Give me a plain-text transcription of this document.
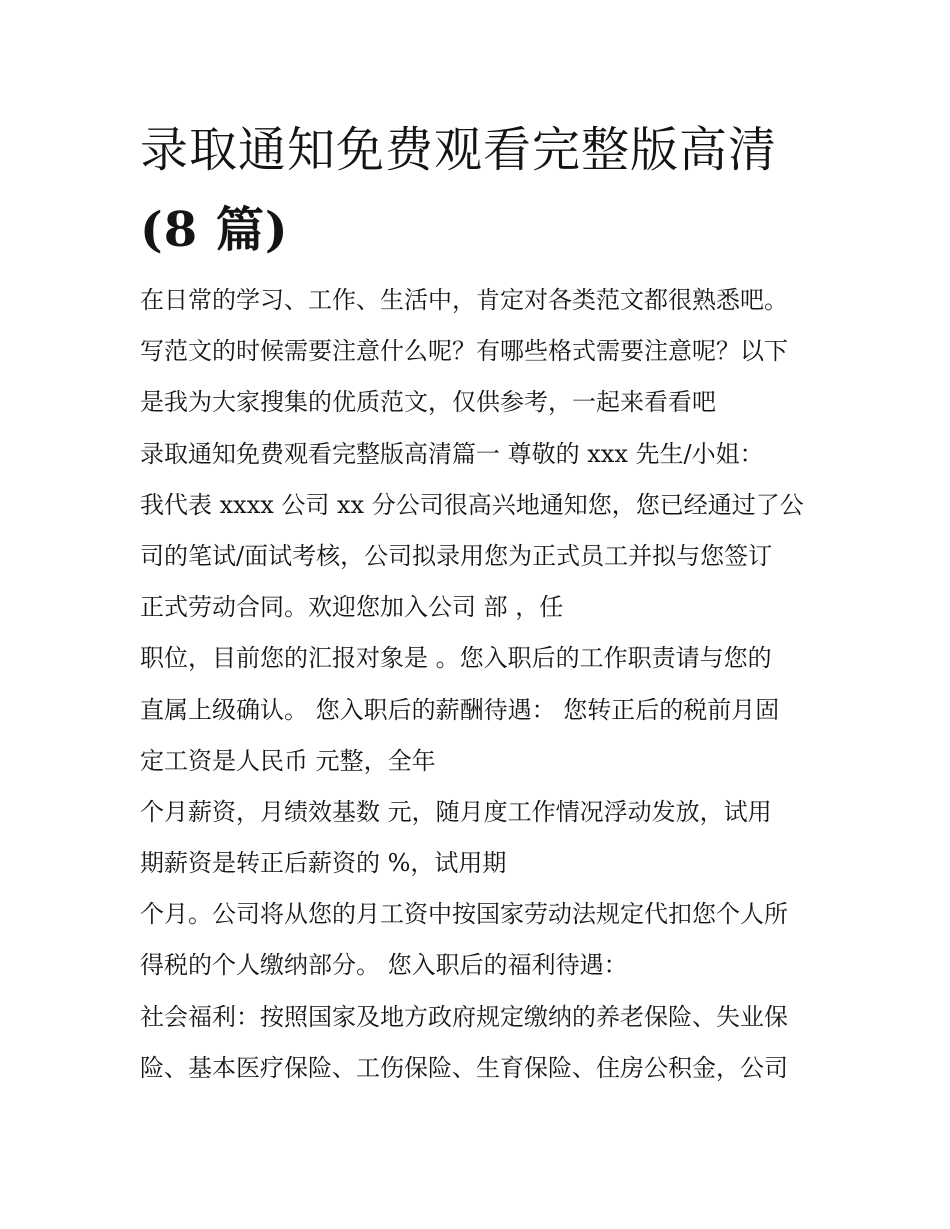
录取通知免费观看完整版高清
(8 篇)
在日常的学习、工作、生活中，肯定对各类范文都很熟悉吧。
写范文的时候需要注意什么呢？有哪些格式需要注意呢？以下
是我为大家搜集的优质范文，仅供参考，一起来看看吧
录取通知免费观看完整版高清篇一 尊敬的 xxx 先生/小姐：
我代表 xxxx 公司 xx 分公司很高兴地通知您，您已经通过了公
司的笔试/面试考核，公司拟录用您为正式员工并拟与您签订
正式劳动合同。欢迎您加入公司 部 ，任
职位，目前您的汇报对象是 。您入职后的工作职责请与您的
直属上级确认。 您入职后的薪酬待遇： 您转正后的税前月固
定工资是人民币 元整，全年
个月薪资，月绩效基数 元，随月度工作情况浮动发放，试用
期薪资是转正后薪资的 %，试用期
个月。公司将从您的月工资中按国家劳动法规定代扣您个人所
得税的个人缴纳部分。 您入职后的福利待遇：
社会福利：按照国家及地方政府规定缴纳的养老保险、失业保
险、基本医疗保险、工伤保险、生育保险、住房公积金，公司
